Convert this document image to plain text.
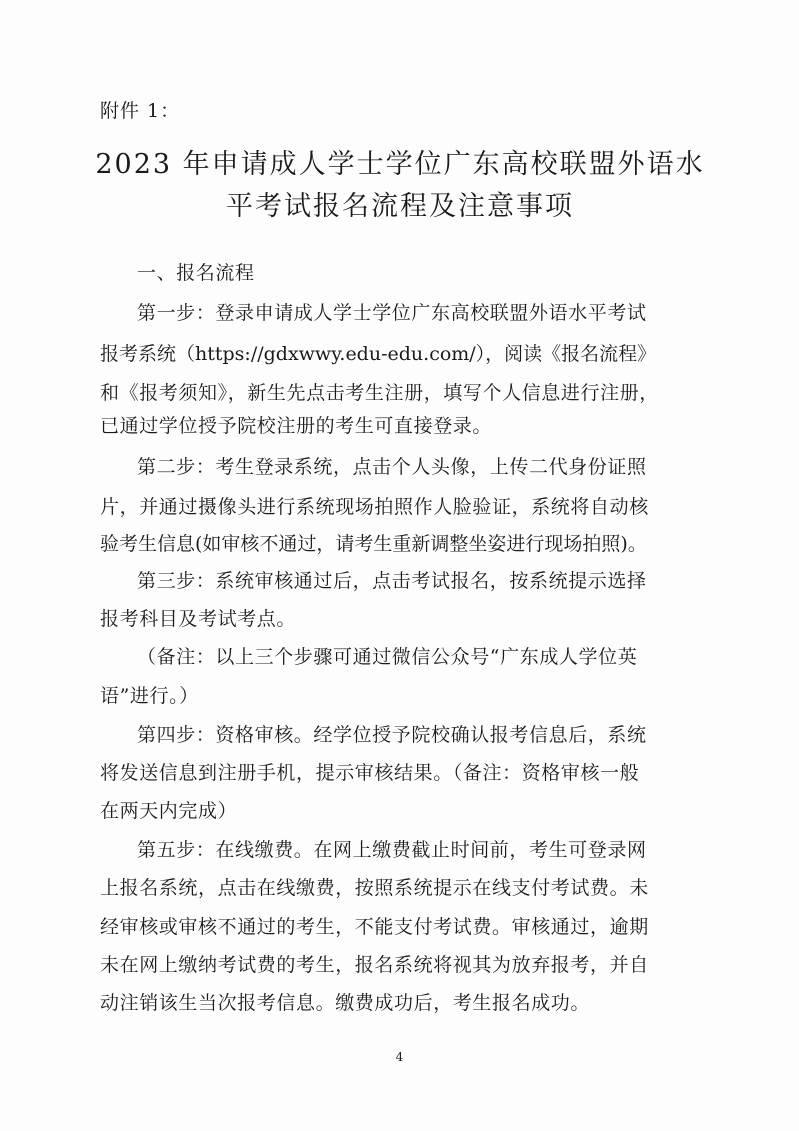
附件 1：
2023 年申请成人学士学位广东高校联盟外语水
平考试报名流程及注意事项
一、报名流程
第一步：登录申请成人学士学位广东高校联盟外语水平考试
报考系统（https://gdxwwy.edu-edu.com/），阅读《报名流程》
和《报考须知》，新生先点击考生注册，填写个人信息进行注册，
已通过学位授予院校注册的考生可直接登录。
第二步：考生登录系统，点击个人头像，上传二代身份证照
片，并通过摄像头进行系统现场拍照作人脸验证，系统将自动核
验考生信息(如审核不通过，请考生重新调整坐姿进行现场拍照)。
第三步：系统审核通过后，点击考试报名，按系统提示选择
报考科目及考试考点。
（备注：以上三个步骤可通过微信公众号“广东成人学位英
语”进行。）
第四步：资格审核。经学位授予院校确认报考信息后，系统
将发送信息到注册手机，提示审核结果。（备注：资格审核一般
在两天内完成）
第五步：在线缴费。在网上缴费截止时间前，考生可登录网
上报名系统，点击在线缴费，按照系统提示在线支付考试费。未
经审核或审核不通过的考生，不能支付考试费。审核通过，逾期
未在网上缴纳考试费的考生，报名系统将视其为放弃报考，并自
动注销该生当次报考信息。缴费成功后，考生报名成功。
4
